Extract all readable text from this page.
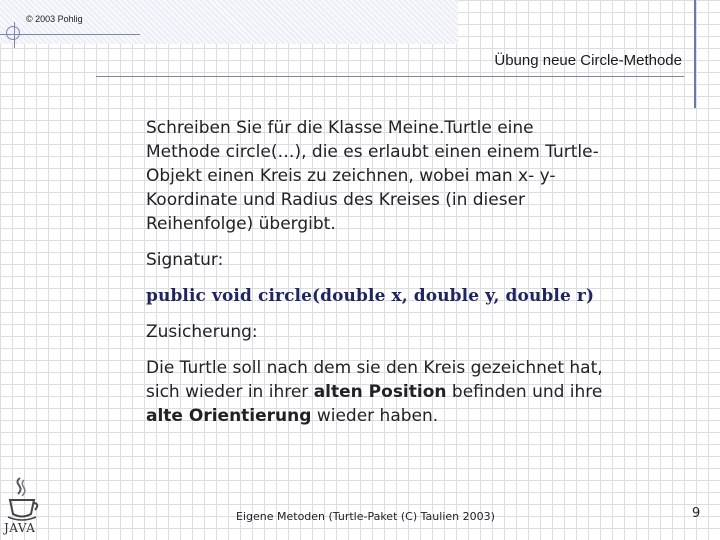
© 2003 Pohlig
Übung neue Circle-Methode

Schreiben Sie für die Klasse Meine.Turtle eine Methode circle(…), die es erlaubt einen einem Turtle-Objekt einen Kreis zu zeichnen, wobei man x- y-Koordinate und Radius des Kreises (in dieser Reihenfolge) übergibt.

Signatur:

public void circle(double x, double y, double r)

Zusicherung:

Die Turtle soll nach dem sie den Kreis gezeichnet hat, sich wieder in ihrer alten Position befinden und ihre alte Orientierung wieder haben.

JAVA
Eigene Metoden (Turtle-Paket (C) Taulien 2003)	9
